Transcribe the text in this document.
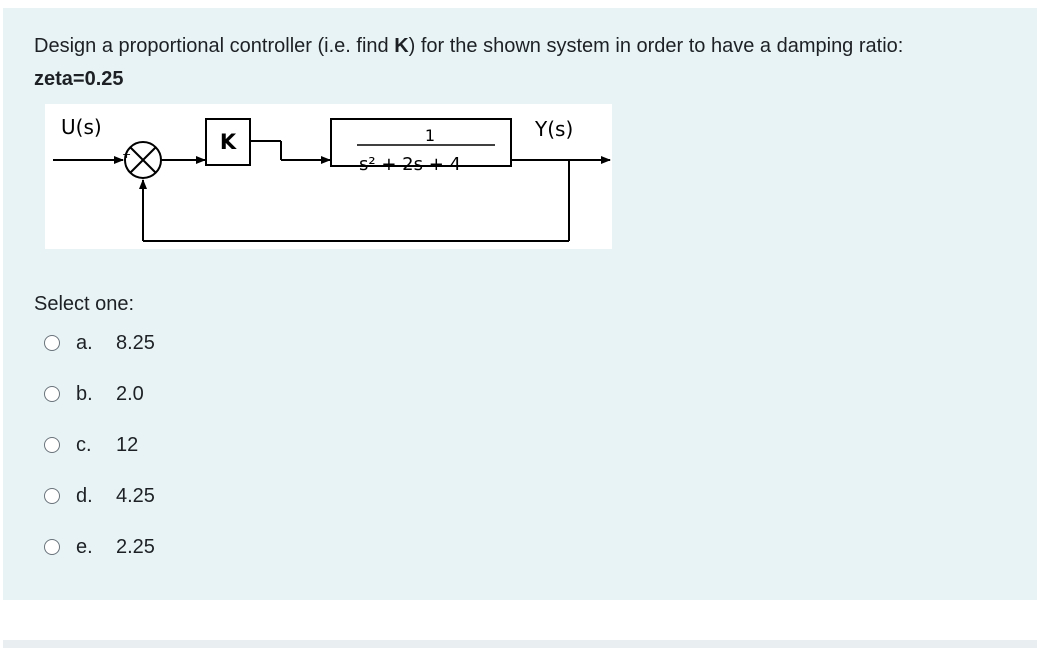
Design a proportional controller (i.e. find K) for the shown system in order to have a damping ratio: zeta=0.25
U(s)	Y(s)
+
K	1
s² + 2s + 4
Select one:
a.	8.25
b.	2.0
c.	12
d.	4.25
e.	2.25
